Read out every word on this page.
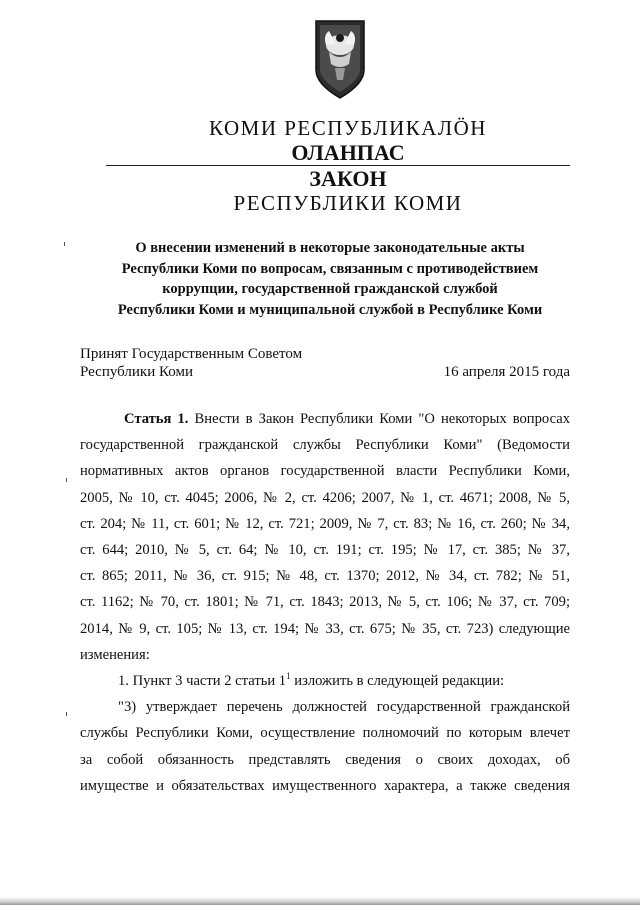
КОМИ РЕСПУБЛИКАЛӦН
ОЛАНПАС
ЗАКОН
РЕСПУБЛИКИ КОМИ
О внесении изменений в некоторые законодательные акты
Республики Коми по вопросам, связанным с противодействием
коррупции, государственной гражданской службой
Республики Коми и муниципальной службой в Республике Коми
Принят Государственным Советом
Республики Коми	16 апреля 2015 года
Статья 1. Внести в Закон Республики Коми "О некоторых вопросах
государственной гражданской службы Республики Коми" (Ведомости
нормативных актов органов государственной власти Республики Коми,
2005, № 10, ст. 4045; 2006, № 2, ст. 4206; 2007, № 1, ст. 4671; 2008, № 5,
ст. 204; № 11, ст. 601; № 12, ст. 721; 2009, № 7, ст. 83; № 16, ст. 260; № 34,
ст. 644; 2010, № 5, ст. 64; № 10, ст. 191; ст. 195; № 17, ст. 385; № 37,
ст. 865; 2011, № 36, ст. 915; № 48, ст. 1370; 2012, № 34, ст. 782; № 51,
ст. 1162; № 70, ст. 1801; № 71, ст. 1843; 2013, № 5, ст. 106; № 37, ст. 709;
2014, № 9, ст. 105; № 13, ст. 194; № 33, ст. 675; № 35, ст. 723) следующие
изменения:
1. Пункт 3 части 2 статьи $1^1$ изложить в следующей редакции:
"3) утверждает перечень должностей государственной гражданской
службы Республики Коми, осуществление полномочий по которым влечет
за собой обязанность представлять сведения о своих доходах, об
имуществе и обязательствах имущественного характера, а также сведения
